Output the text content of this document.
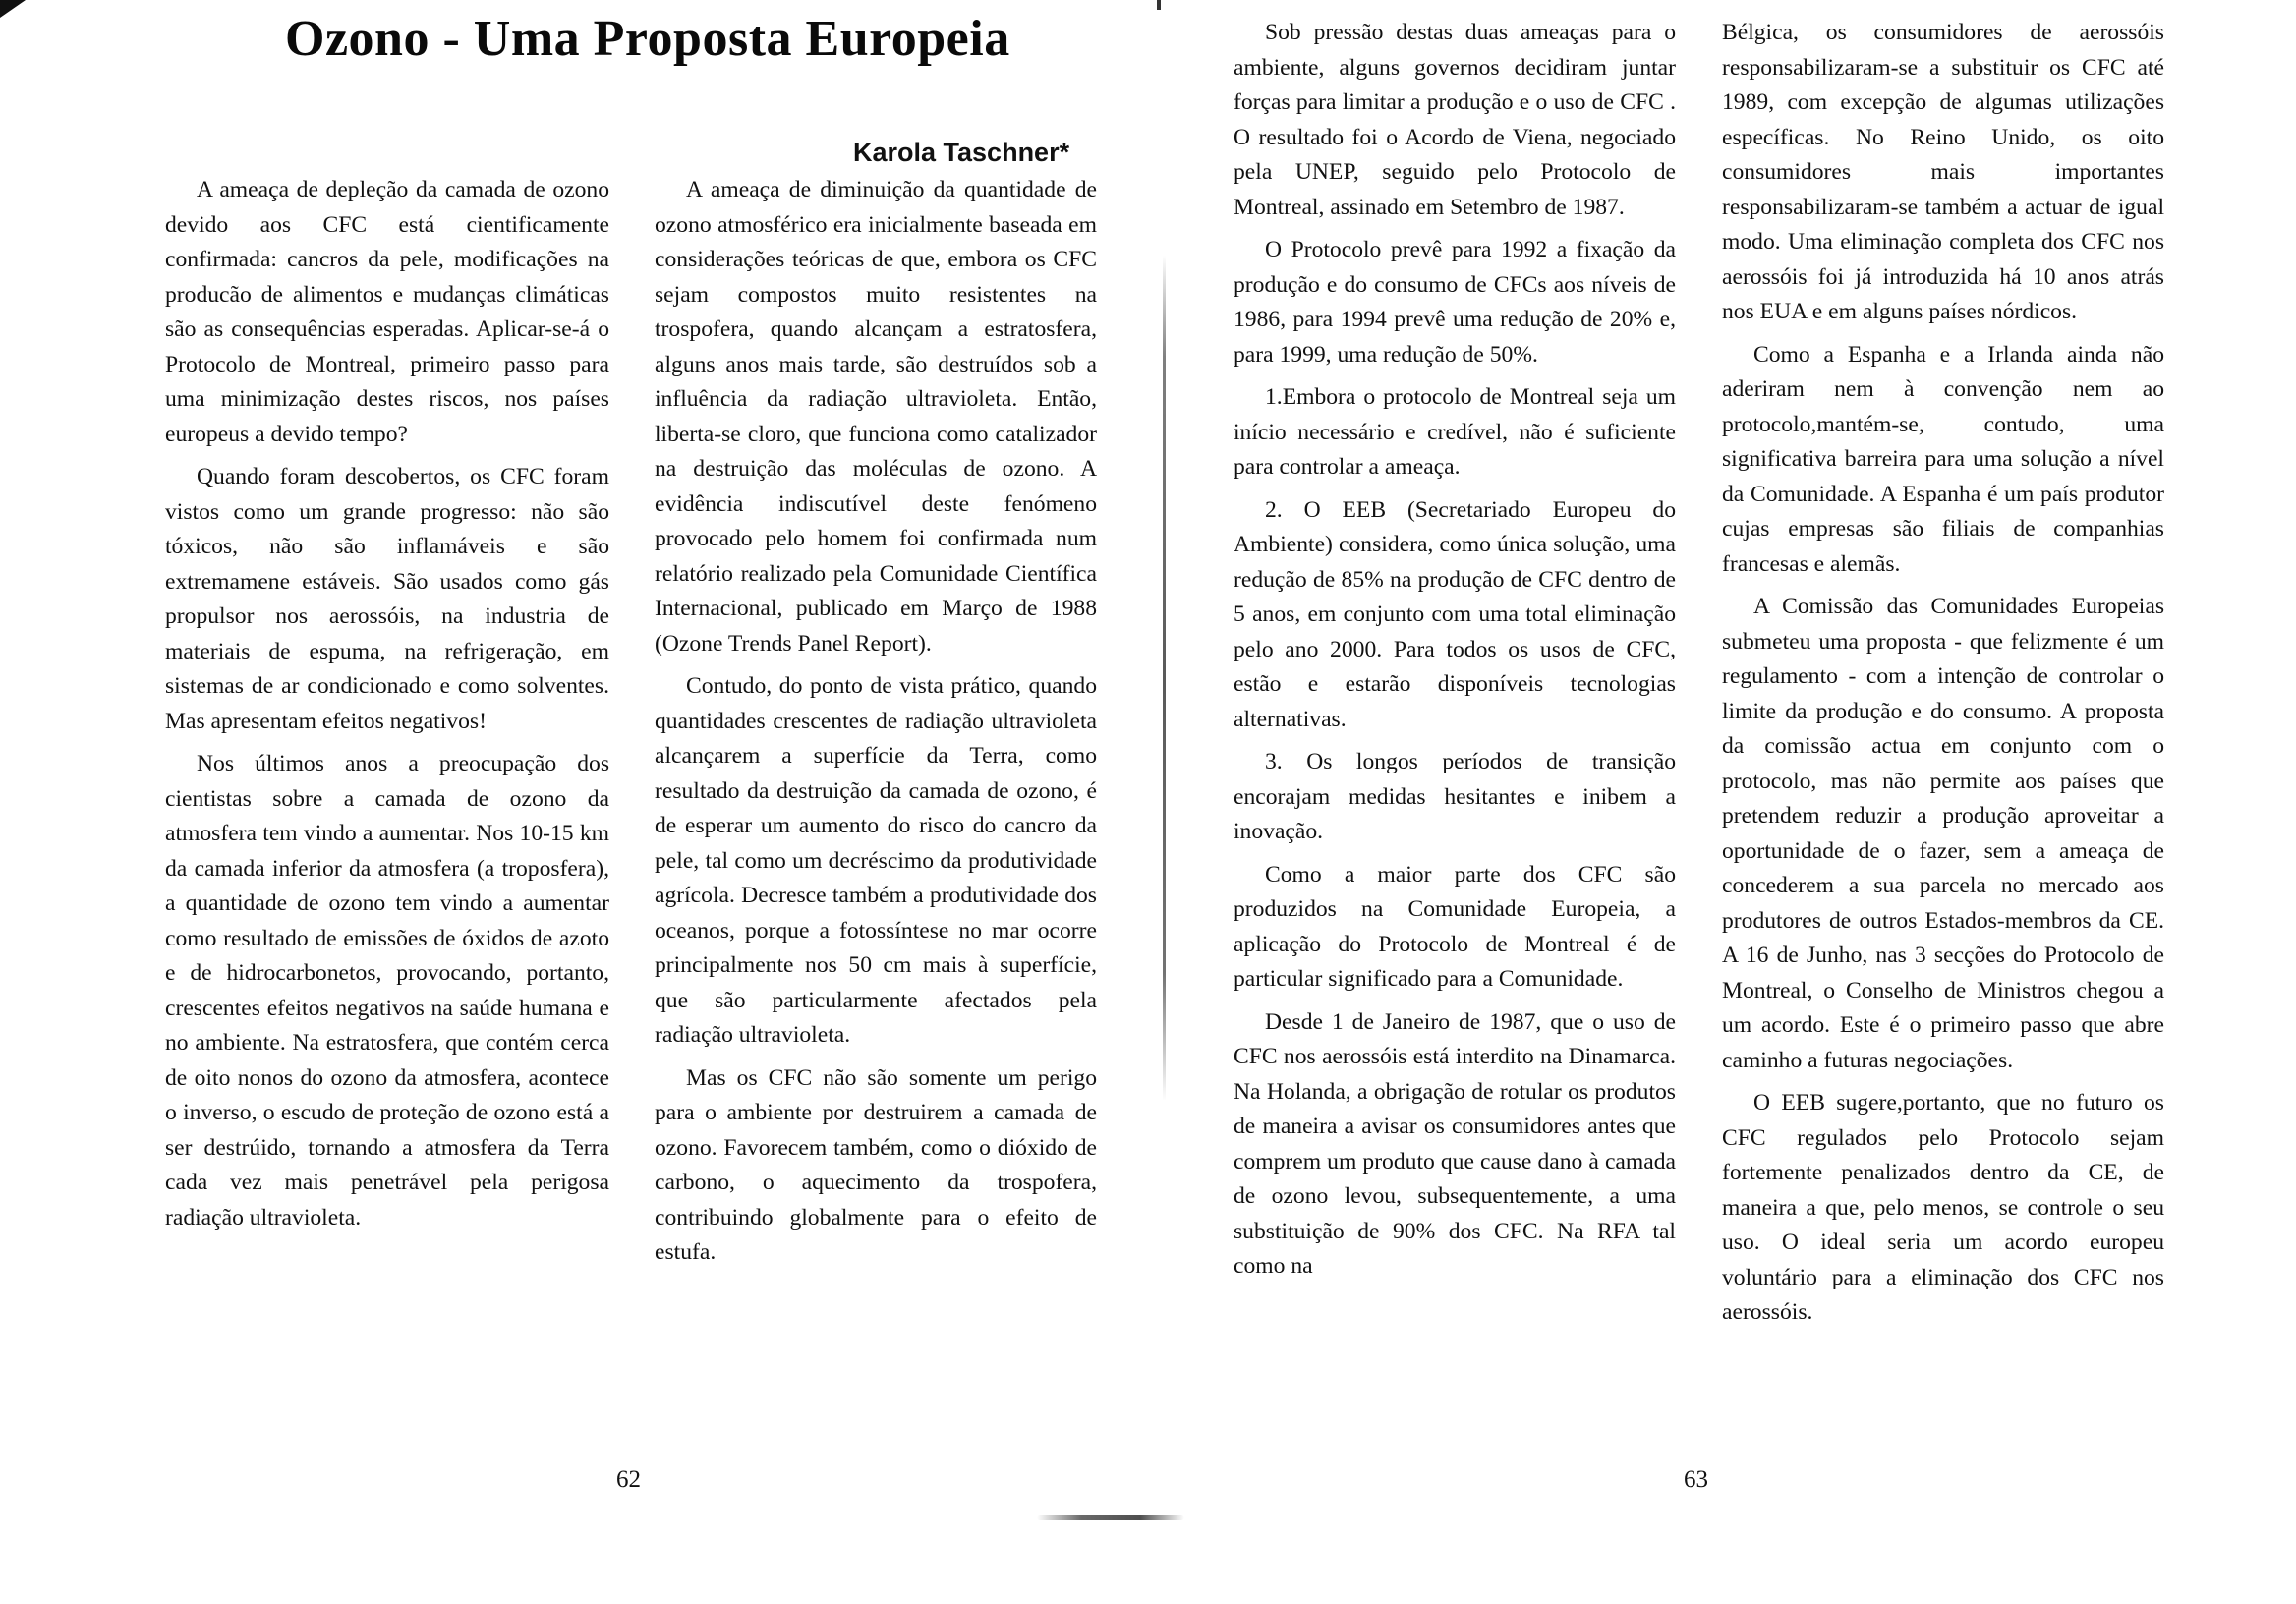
Ozono - Uma Proposta Europeia
Karola Taschner*

A ameaça de depleção da camada de ozono devido aos CFC está cientificamente confirmada: cancros da pele, modificações na producão de alimentos e mudanças climáticas são as consequências esperadas. Aplicar-se-á o Protocolo de Montreal, primeiro passo para uma minimização destes riscos, nos países europeus a devido tempo?

Quando foram descobertos, os CFC foram vistos como um grande progresso: não são tóxicos, não são inflamáveis e são extremamene estáveis. São usados como gás propulsor nos aerossóis, na industria de materiais de espuma, na refrigeração, em sistemas de ar condicionado e como solventes. Mas apresentam efeitos negativos!

Nos últimos anos a preocupação dos cientistas sobre a camada de ozono da atmosfera tem vindo a aumentar. Nos 10-15 km da camada inferior da atmosfera (a troposfera), a quantidade de ozono tem vindo a aumentar como resultado de emissões de óxidos de azoto e de hidrocarbonetos, provocando, portanto, crescentes efeitos negativos na saúde humana e no ambiente. Na estratosfera, que contém cerca de oito nonos do ozono da atmosfera, acontece o inverso, o escudo de proteção de ozono está a ser destrúido, tornando a atmosfera da Terra cada vez mais penetrável pela perigosa radiação ultravioleta.

A ameaça de diminuição da quantidade de ozono atmosférico era inicialmente baseada em considerações teóricas de que, embora os CFC sejam compostos muito resistentes na trospofera, quando alcançam a estratosfera, alguns anos mais tarde, são destruídos sob a influência da radiação ultravioleta. Então, liberta-se cloro, que funciona como catalizador na destruição das moléculas de ozono. A evidência indiscutível deste fenómeno provocado pelo homem foi confirmada num relatório realizado pela Comunidade Científica Internacional, publicado em Março de 1988 (Ozone Trends Panel Report).

Contudo, do ponto de vista prático, quando quantidades crescentes de radiação ultravioleta alcançarem a superfície da Terra, como resultado da destruição da camada de ozono, é de esperar um aumento do risco do cancro da pele, tal como um decréscimo da produtividade agrícola. Decresce também a produtividade dos oceanos, porque a fotossíntese no mar ocorre principalmente nos 50 cm mais à superfície, que são particularmente afectados pela radiação ultravioleta.

Mas os CFC não são somente um perigo para o ambiente por destruirem a camada de ozono. Favorecem também, como o dióxido de carbono, o aquecimento da trospofera, contribuindo globalmente para o efeito de estufa.

62

Sob pressão destas duas ameaças para o ambiente, alguns governos decidiram juntar forças para limitar a produção e o uso de CFC . O resultado foi o Acordo de Viena, negociado pela UNEP, seguido pelo Protocolo de Montreal, assinado em Setembro de 1987.

O Protocolo prevê para 1992 a fixação da produção e do consumo de CFCs aos níveis de 1986, para 1994 prevê uma redução de 20% e, para 1999, uma redução de 50%.

1.Embora o protocolo de Montreal seja um início necessário e credível, não é suficiente para controlar a ameaça.

2. O EEB (Secretariado Europeu do Ambiente) considera, como única solução, uma redução de 85% na produção de CFC dentro de 5 anos, em conjunto com uma total eliminação pelo ano 2000. Para todos os usos de CFC, estão e estarão disponíveis tecnologias alternativas.

3. Os longos períodos de transição encorajam medidas hesitantes e inibem a inovação.

Como a maior parte dos CFC são produzidos na Comunidade Europeia, a aplicação do Protocolo de Montreal é de particular significado para a Comunidade.

Desde 1 de Janeiro de 1987, que o uso de CFC nos aerossóis está interdito na Dinamarca. Na Holanda, a obrigação de rotular os produtos de maneira a avisar os consumidores antes que comprem um produto que cause dano à camada de ozono levou, subsequentemente, a uma substituição de 90% dos CFC. Na RFA tal como na

Bélgica, os consumidores de aerossóis responsabilizaram-se a substituir os CFC até 1989, com excepção de algumas utilizações específicas. No Reino Unido, os oito consumidores mais importantes responsabilizaram-se também a actuar de igual modo. Uma eliminação completa dos CFC nos aerossóis foi já introduzida há 10 anos atrás nos EUA e em alguns países nórdicos.

Como a Espanha e a Irlanda ainda não aderiram nem à convenção nem ao protocolo,mantém-se, contudo, uma significativa barreira para uma solução a nível da Comunidade. A Espanha é um país produtor cujas empresas são filiais de companhias francesas e alemãs.

A Comissão das Comunidades Europeias submeteu uma proposta - que felizmente é um regulamento - com a intenção de controlar o limite da produção e do consumo. A proposta da comissão actua em conjunto com o protocolo, mas não permite aos países que pretendem reduzir a produção aproveitar a oportunidade de o fazer, sem a ameaça de concederem a sua parcela no mercado aos produtores de outros Estados-membros da CE. A 16 de Junho, nas 3 secções do Protocolo de Montreal, o Conselho de Ministros chegou a um acordo. Este é o primeiro passo que abre caminho a futuras negociações.

O EEB sugere,portanto, que no futuro os CFC regulados pelo Protocolo sejam fortemente penalizados dentro da CE, de maneira a que, pelo menos, se controle o seu uso. O ideal seria um acordo europeu voluntário para a eliminação dos CFC nos aerossóis.

63
